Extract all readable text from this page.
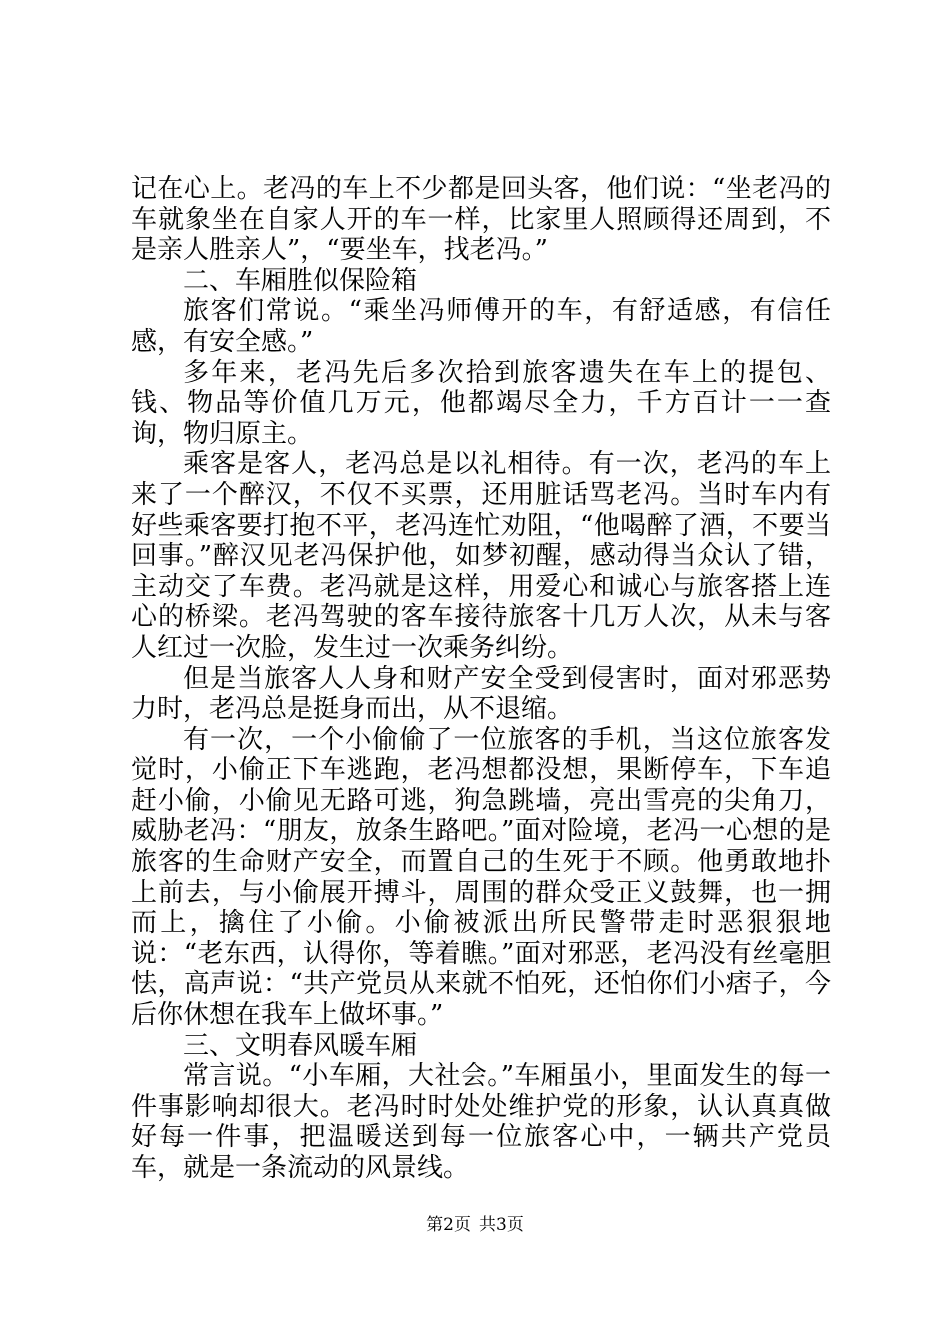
记在心上。老冯的车上不少都是回头客，他们说：“坐老冯的车就象坐在自家人开的车一样，比家里人照顾得还周到，不是亲人胜亲人”，“要坐车，找老冯。”

二、车厢胜似保险箱

旅客们常说。“乘坐冯师傅开的车，有舒适感，有信任感，有安全感。”

多年来，老冯先后多次拾到旅客遗失在车上的提包、钱、物品等价值几万元，他都竭尽全力，千方百计一一查询，物归原主。

乘客是客人，老冯总是以礼相待。有一次，老冯的车上来了一个醉汉，不仅不买票，还用脏话骂老冯。当时车内有好些乘客要打抱不平，老冯连忙劝阻，“他喝醉了酒，不要当回事。”醉汉见老冯保护他，如梦初醒，感动得当众认了错，主动交了车费。老冯就是这样，用爱心和诚心与旅客搭上连心的桥梁。老冯驾驶的客车接待旅客十几万人次，从未与客人红过一次脸，发生过一次乘务纠纷。

但是当旅客人人身和财产安全受到侵害时，面对邪恶势力时，老冯总是挺身而出，从不退缩。

有一次，一个小偷偷了一位旅客的手机，当这位旅客发觉时，小偷正下车逃跑，老冯想都没想，果断停车，下车追赶小偷，小偷见无路可逃，狗急跳墙，亮出雪亮的尖角刀，威胁老冯：“朋友，放条生路吧。”面对险境，老冯一心想的是旅客的生命财产安全，而置自己的生死于不顾。他勇敢地扑上前去，与小偷展开搏斗，周围的群众受正义鼓舞，也一拥而上，擒住了小偷。小偷被派出所民警带走时恶狠狠地说：“老东西，认得你，等着瞧。”面对邪恶，老冯没有丝毫胆怯，高声说：“共产党员从来就不怕死，还怕你们小痞子，今后你休想在我车上做坏事。”

三、文明春风暖车厢

常言说。“小车厢，大社会。”车厢虽小，里面发生的每一件事影响却很大。老冯时时处处维护党的形象，认认真真做好每一件事，把温暖送到每一位旅客心中，一辆共产党员车，就是一条流动的风景线。

第2页 共3页
